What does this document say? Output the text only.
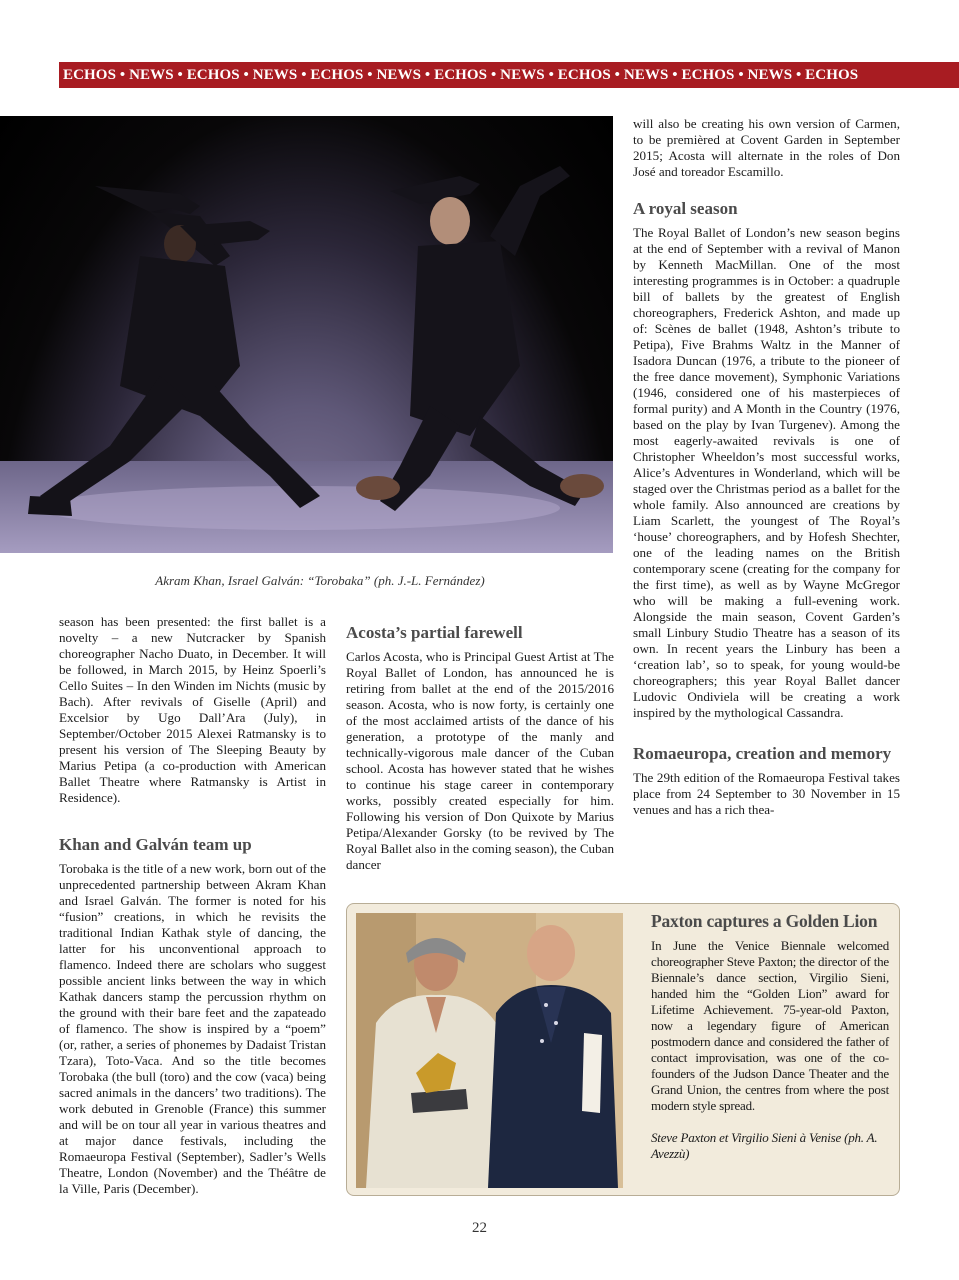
ECHOS • NEWS • ECHOS • NEWS • ECHOS • NEWS • ECHOS • NEWS • ECHOS • NEWS • ECHOS • NEWS • ECHOS
Akram Khan, Israel Galván: “Torobaka” (ph. J.-L. Fernández)

season has been presented: the first ballet is a novelty – a new Nutcracker by Spanish choreographer Nacho Duato, in December. It will be followed, in March 2015, by Heinz Spoerli’s Cello Suites – In den Winden im Nichts (music by Bach). After revivals of Giselle (April) and Excelsior by Ugo Dall’Ara (July), in September/October 2015 Alexei Ratmansky is to present his version of The Sleeping Beauty by Marius Petipa (a co-production with American Ballet Theatre where Ratmansky is Artist in Residence).

Khan and Galván team up

Torobaka is the title of a new work, born out of the unprecedented partnership between Akram Khan and Israel Galván. The former is noted for his “fusion” creations, in which he revisits the traditional Indian Kathak style of dancing, the latter for his unconventional approach to flamenco. Indeed there are scholars who suggest possible ancient links between the way in which Kathak dancers stamp the percussion rhythm on the ground with their bare feet and the zapateado of flamenco. The show is inspired by a “poem” (or, rather, a series of phonemes by Dadaist Tristan Tzara), Toto-Vaca. And so the title becomes Torobaka (the bull (toro) and the cow (vaca) being sacred animals in the dancers’ two traditions). The work debuted in Grenoble (France) this summer and will be on tour all year in various theatres and at major dance festivals, including the Romaeuropa Festival (September), Sadler’s Wells Theatre, London (November) and the Théâtre de la Ville, Paris (December).

Acosta’s partial farewell

Carlos Acosta, who is Principal Guest Artist at The Royal Ballet of London, has announced he is retiring from ballet at the end of the 2015/2016 season. Acosta, who is now forty, is certainly one of the most acclaimed artists of the dance of his generation, a prototype of the manly and technically-vigorous male dancer of the Cuban school. Acosta has however stated that he wishes to continue his stage career in contemporary works, possibly created especially for him. Following his version of Don Quixote by Marius Petipa/Alexander Gorsky (to be revived by The Royal Ballet also in the coming season), the Cuban dancer

will also be creating his own version of Carmen, to be premièred at Covent Garden in September 2015; Acosta will alternate in the roles of Don José and toreador Escamillo.

A royal season

The Royal Ballet of London’s new season begins at the end of September with a revival of Manon by Kenneth MacMillan. One of the most interesting programmes is in October: a quadruple bill of ballets by the greatest of English choreographers, Frederick Ashton, and made up of: Scènes de ballet (1948, Ashton’s tribute to Petipa), Five Brahms Waltz in the Manner of Isadora Duncan (1976, a tribute to the pioneer of the free dance movement), Symphonic Variations (1946, considered one of his masterpieces of formal purity) and A Month in the Country (1976, based on the play by Ivan Turgenev). Among the most eagerly-awaited revivals is one of Christopher Wheeldon’s most successful works, Alice’s Adventures in Wonderland, which will be staged over the Christmas period as a ballet for the whole family. Also announced are creations by Liam Scarlett, the youngest of The Royal’s ‘house’ choreographers, and by Hofesh Shechter, one of the leading names on the British contemporary scene (creating for the company for the first time), as well as by Wayne McGregor who will be making a full-evening work. Alongside the main season, Covent Garden’s small Linbury Studio Theatre has a season of its own. In recent years the Linbury has been a ‘creation lab’, so to speak, for young would-be choreographers; this year Royal Ballet dancer Ludovic Ondiviela will be creating a work inspired by the mythological Cassandra.

Romaeuropa, creation and memory

The 29th edition of the Romaeuropa Festival takes place from 24 September to 30 November in 15 venues and has a rich thea-

Paxton captures a Golden Lion

In June the Venice Biennale welcomed choreographer Steve Paxton; the director of the Biennale’s dance section, Virgilio Sieni, handed him the “Golden Lion” award for Lifetime Achievement. 75-year-old Paxton, now a legendary figure of American postmodern dance and considered the father of contact improvisation, was one of the co-founders of the Judson Dance Theater and the Grand Union, the centres from where the post modern style spread.

Steve Paxton et Virgilio Sieni à Venise (ph. A. Avezzù)

22
